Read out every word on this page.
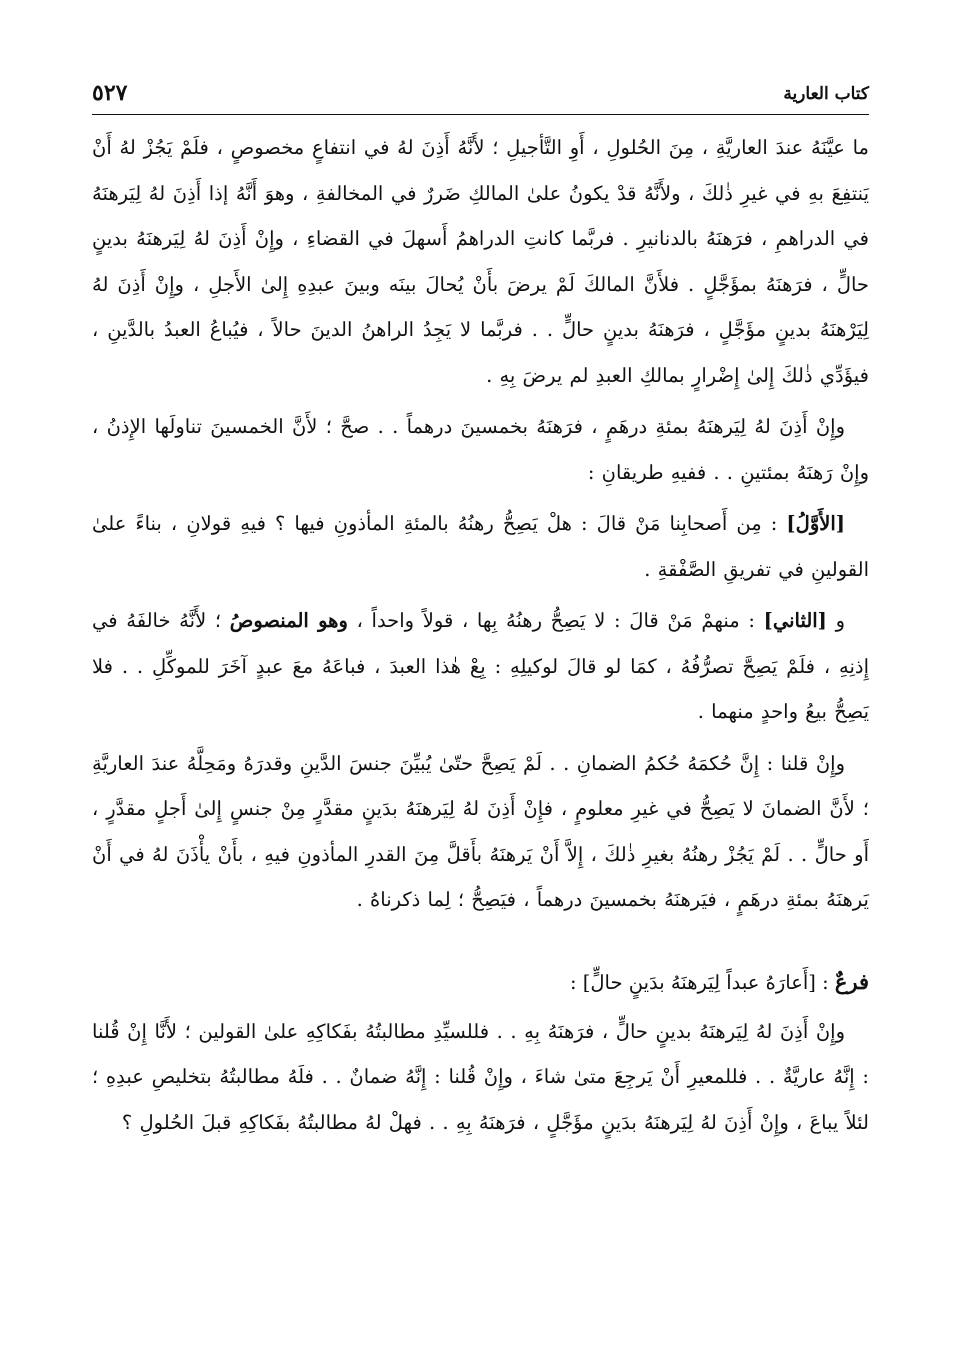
كتاب العارية
٥٢٧

ما عيَّنَهُ عندَ العاريَّةِ ، مِنَ الحُلولِ ، أَوِ التَّأجيلِ ؛ لأَنَّهُ أَذِنَ لهُ في انتفاعٍ مخصوصٍ ، فلَمْ يَجُزْ لهُ أَنْ يَنتفِعَ بهِ في غيرِ ذٰلكَ ، ولأَنَّهُ قدْ يكونُ علىٰ المالكِ ضَررٌ في المخالفةِ ، وهوَ أَنَّهُ إذا أَذِنَ لهُ لِيَرهنَهُ في الدراهمِ ، فرَهنَهُ بالدنانيرِ . فربَّما كانتِ الدراهمُ أَسهلَ في القضاءِ ، وإِنْ أَذِنَ لهُ لِيَرهنَهُ بدينٍ حالٍّ ، فرَهنَهُ بمؤَجَّلٍ . فلأَنَّ المالكَ لَمْ يرضَ بأَنْ يُحالَ بينَه وبينَ عبدِهِ إِلىٰ الأَجلِ ، وإِنْ أَذِنَ لهُ لِيَرْهنَهُ بدينٍ مؤَجَّلٍ ، فرَهنَهُ بدينٍ حالٍّ . . فربَّما لا يَجِدُ الراهنُ الدينَ حالاً ، فيُباعُ العبدُ بالدَّينِ ، فيؤَدِّي ذٰلكَ إِلىٰ إِضْرارٍ بمالكِ العبدِ لم يرضَ بِهِ .

وإِنْ أَذِنَ لهُ لِيَرهنَهُ بمئةِ درهَمٍ ، فرَهنَهُ بخمسينَ درهماً . . صحَّ ؛ لأَنَّ الخمسينَ تناولَها الإِذنُ ، وإِنْ رَهنَهُ بمئتينِ . . ففيهِ طريقانِ :

[الأَوَّلُ] : مِن أَصحابِنا مَنْ قالَ : هلْ يَصِحُّ رهنُهُ بالمئةِ المأذونِ فيها ؟ فيهِ قولانِ ، بناءً علىٰ القولينِ في تفريقِ الصَّفْقةِ .

و [الثاني] : منهمْ مَنْ قالَ : لا يَصِحُّ رهنُهُ بِها ، قولاً واحداً ، وهو المنصوصُ ؛ لأَنَّهُ خالفَهُ في إِذنِهِ ، فلَمْ يَصِحَّ تصرُّفُهُ ، كمَا لو قالَ لوكيلِهِ : بِعْ هٰذا العبدَ ، فباعَهُ معَ عبدٍ آخَرَ للموكِّلِ . . فلا يَصِحُّ بيعُ واحدٍ منهما .

وإِنْ قلنا : إِنَّ حُكمَهُ حُكمُ الضمانِ . . لَمْ يَصِحَّ حتّىٰ يُبيِّنَ جنسَ الدَّينِ وقدرَهُ ومَحِلَّهُ عندَ العاريَّةِ ؛ لأَنَّ الضمانَ لا يَصِحُّ في غيرِ معلومٍ ، فإِنْ أَذِنَ لهُ لِيَرهنَهُ بدَينٍ مقدَّرٍ مِنْ جنسٍ إِلىٰ أَجلٍ مقدَّرٍ ، أَو حالٍّ . . لَمْ يَجُزْ رهنُهُ بغيرِ ذٰلكَ ، إِلاَّ أَنْ يَرهنَهُ بأَقلَّ مِنَ القدرِ المأذونِ فيهِ ، بأَنْ يأْذَنَ لهُ في أَنْ يَرهنَهُ بمئةِ درهَمٍ ، فيَرهنَهُ بخمسينَ درهماً ، فيَصِحُّ ؛ لِما ذكرناهُ .

فرعٌ : [أَعارَهُ عبداً لِيَرهنَهُ بدَينٍ حالٍّ] :

وإِنْ أَذِنَ لهُ لِيَرهنَهُ بدينٍ حالٍّ ، فرَهنَهُ بِهِ . . فللسيِّدِ مطالبتُهُ بفَكاكِهِ علىٰ القولين ؛ لأَنَّا إِنْ قُلنا : إِنَّهُ عاريَّةٌ . . فللمعيرِ أَنْ يَرجِعَ متىٰ شاءَ ، وإِنْ قُلنا : إِنَّهُ ضمانٌ . . فلَهُ مطالبتُهُ بتخليصِ عبدِهِ ؛ لئلاً يباعَ ، وإِنْ أَذِنَ لهُ لِيَرهنَهُ بدَينٍ مؤَجَّلٍ ، فرَهنَهُ بِهِ . . فهلْ لهُ مطالبتُهُ بفَكاكِهِ قبلَ الحُلولِ ؟
